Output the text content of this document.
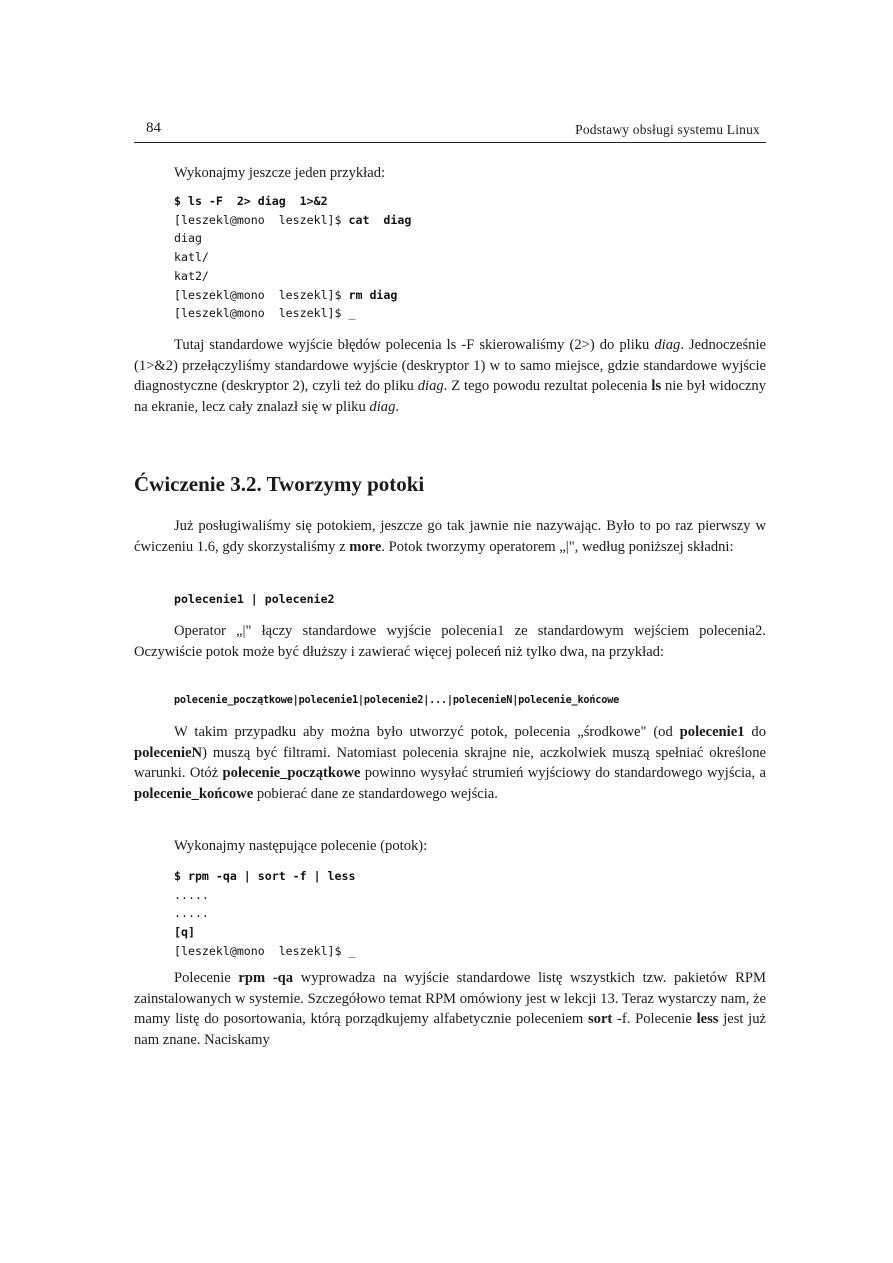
84	Podstawy obsługi systemu Linux

Wykonajmy jeszcze jeden przykład:

$ ls -F  2> diag  1>&2
[leszekl@mono  leszekl]$ cat  diag
diag
katl/
kat2/
[leszekl@mono  leszekl]$ rm diag
[leszekl@mono  leszekl]$ _

Tutaj standardowe wyjście błędów polecenia ls -F skierowaliśmy (2>) do pliku diag. Jednocześnie (1>&2) przełączyliśmy standardowe wyjście (deskryptor 1) w to samo miejsce, gdzie standardowe wyjście diagnostyczne (deskryptor 2), czyli też do pliku diag. Z tego powodu rezultat polecenia ls nie był widoczny na ekranie, lecz cały znalazł się w pliku diag.

Ćwiczenie 3.2. Tworzymy potoki

Już posługiwaliśmy się potokiem, jeszcze go tak jawnie nie nazywając. Było to po raz pierwszy w ćwiczeniu 1.6, gdy skorzystaliśmy z more. Potok tworzymy operatorem „|", według poniższej składni:

polecenie1 | polecenie2

Operator „|" łączy standardowe wyjście polecenia1 ze standardowym wejściem polecenia2. Oczywiście potok może być dłuższy i zawierać więcej poleceń niż tylko dwa, na przykład:

polecenie_początkowe|polecenie1|polecenie2|...|polecenieN|polecenie_końcowe

W takim przypadku aby można było utworzyć potok, polecenia „środkowe" (od polecenie1 do polecenieN) muszą być filtrami. Natomiast polecenia skrajne nie, aczkolwiek muszą spełniać określone warunki. Otóż polecenie_początkowe powinno wysyłać strumień wyjściowy do standardowego wyjścia, a polecenie_końcowe pobierać dane ze standardowego wejścia.

Wykonajmy następujące polecenie (potok):

$ rpm -qa | sort -f | less
.....
.....
[q]
[leszekl@mono  leszekl]$ _

Polecenie rpm -qa wyprowadza na wyjście standardowe listę wszystkich tzw. pakietów RPM zainstalowanych w systemie. Szczegółowo temat RPM omówiony jest w lekcji 13. Teraz wystarczy nam, że mamy listę do posortowania, którą porządkujemy alfabetycznie poleceniem sort -f. Polecenie less jest już nam znane. Naciskamy
